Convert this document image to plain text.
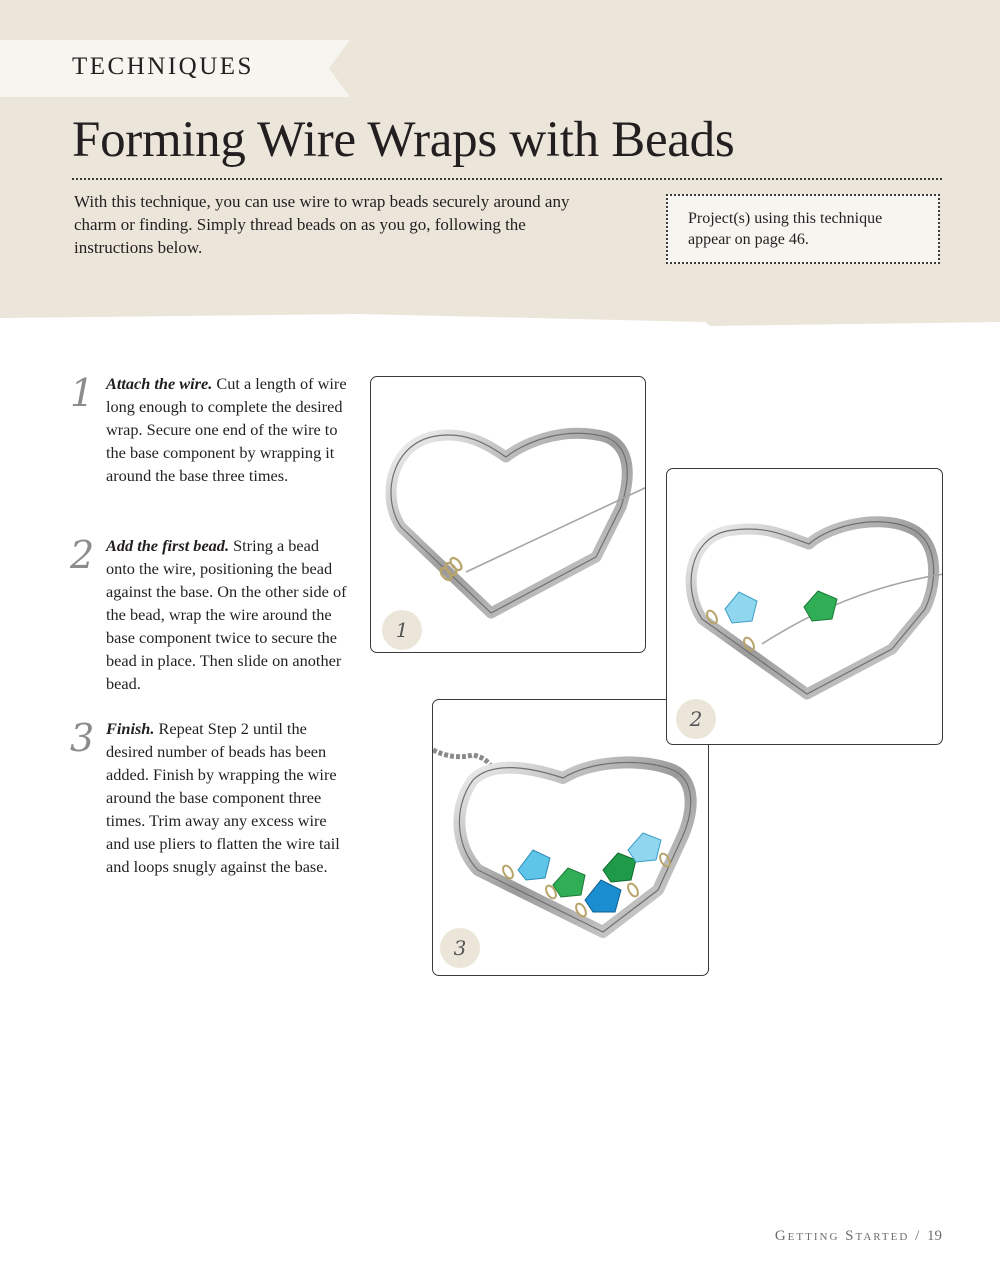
TECHNIQUES
Forming Wire Wraps with Beads

With this technique, you can use wire to wrap beads securely around any charm or finding. Simply thread beads on as you go, following the instructions below.

Project(s) using this technique appear on page 46.
1 Attach the wire. Cut a length of wire long enough to complete the desired wrap. Secure one end of the wire to the base component by wrapping it around the base three times.

2 Add the first bead. String a bead onto the wire, positioning the bead against the base. On the other side of the bead, wrap the wire around the base component twice to secure the bead in place. Then slide on another bead.

3 Finish. Repeat Step 2 until the desired number of beads has been added. Finish by wrapping the wire around the base component three times. Trim away any excess wire and use pliers to flatten the wire tail and loops snugly against the base.

1
3
2
Getting Started / 19
